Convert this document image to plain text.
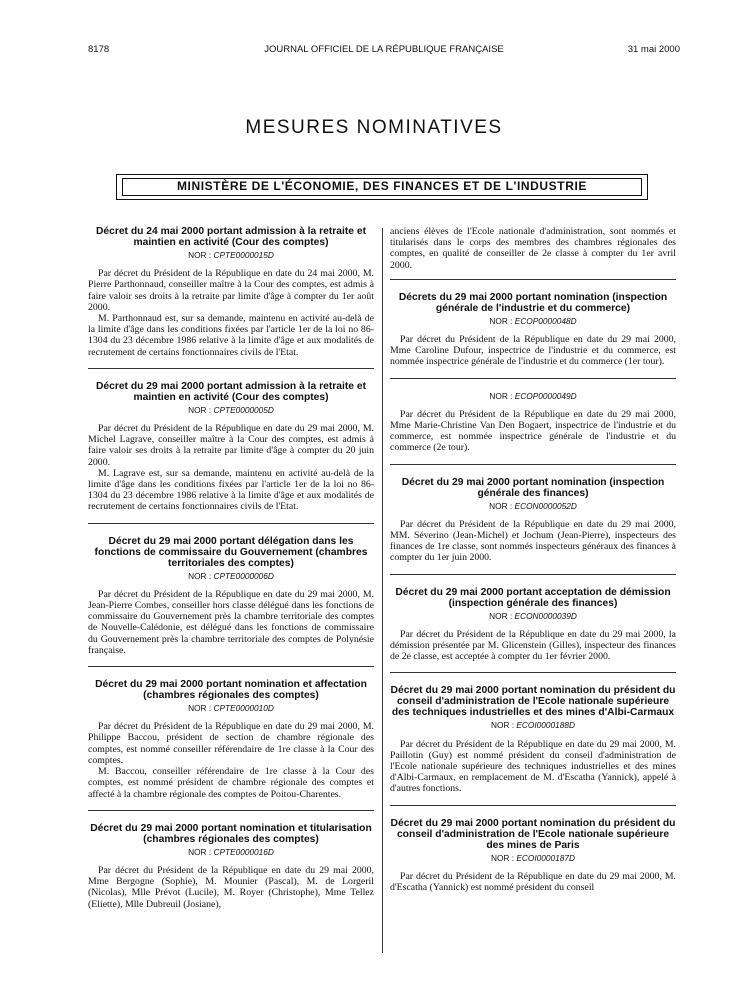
8178	JOURNAL OFFICIEL DE LA RÉPUBLIQUE FRANÇAISE	31 mai 2000
MESURES NOMINATIVES
MINISTÈRE DE L'ÉCONOMIE, DES FINANCES ET DE L'INDUSTRIE

Décret du 24 mai 2000 portant admission à la retraite et maintien en activité (Cour des comptes)

NOR : CPTE0000015D

Par décret du Président de la République en date du 24 mai 2000, M. Pierre Parthonnaud, conseiller maître à la Cour des comptes, est admis à faire valoir ses droits à la retraite par limite d'âge à compter du 1er août 2000.

M. Parthonnaud est, sur sa demande, maintenu en activité au-delà de la limite d'âge dans les conditions fixées par l'article 1er de la loi no 86-1304 du 23 décembre 1986 relative à la limite d'âge et aux modalités de recrutement de certains fonctionnaires civils de l'Etat.

Décret du 29 mai 2000 portant admission à la retraite et maintien en activité (Cour des comptes)

NOR : CPTE0000005D

Par décret du Président de la République en date du 29 mai 2000, M. Michel Lagrave, conseiller maître à la Cour des comptes, est admis à faire valoir ses droits à la retraite par limite d'âge à compter du 20 juin 2000.

M. Lagrave est, sur sa demande, maintenu en activité au-delà de la limite d'âge dans les conditions fixées par l'article 1er de la loi no 86-1304 du 23 décembre 1986 relative à la limite d'âge et aux modalités de recrutement de certains fonctionnaires civils de l'Etat.

Décret du 29 mai 2000 portant délégation dans les fonctions de commissaire du Gouvernement (chambres territoriales des comptes)

NOR : CPTE0000006D

Par décret du Président de la République en date du 29 mai 2000, M. Jean-Pierre Combes, conseiller hors classe délégué dans les fonctions de commissaire du Gouvernement près la chambre territoriale des comptes de Nouvelle-Calédonie, est délégué dans les fonctions de commissaire du Gouvernement près la chambre territoriale des comptes de Polynésie française.

Décret du 29 mai 2000 portant nomination et affectation (chambres régionales des comptes)

NOR : CPTE0000010D

Par décret du Président de la République en date du 29 mai 2000, M. Philippe Baccou, président de section de chambre régionale des comptes, est nommé conseiller référendaire de 1re classe à la Cour des comptes.

M. Baccou, conseiller référendaire de 1re classe à la Cour des comptes, est nommé président de chambre régionale des comptes et affecté à la chambre régionale des comptes de Poitou-Charentes.

Décret du 29 mai 2000 portant nomination et titularisation (chambres régionales des comptes)

NOR : CPTE0000016D

Par décret du Président de la République en date du 29 mai 2000, Mme Bergogne (Sophie), M. Mounier (Pascal), M. de Lorgeril (Nicolas), Mlle Prévot (Lucile), M. Royer (Christophe), Mme Tellez (Eliette), Mlle Dubreuil (Josiane),

anciens élèves de l'Ecole nationale d'administration, sont nommés et titularisés dans le corps des membres des chambres régionales des comptes, en qualité de conseiller de 2e classe à compter du 1er avril 2000.

Décrets du 29 mai 2000 portant nomination (inspection générale de l'industrie et du commerce)

NOR : ECOP0000048D

Par décret du Président de la République en date du 29 mai 2000, Mme Caroline Dufour, inspectrice de l'industrie et du commerce, est nommée inspectrice générale de l'industrie et du commerce (1er tour).

NOR : ECOP0000049D

Par décret du Président de la République en date du 29 mai 2000, Mme Marie-Christine Van Den Bogaert, inspectrice de l'industrie et du commerce, est nommée inspectrice générale de l'industrie et du commerce (2e tour).

Décret du 29 mai 2000 portant nomination (inspection générale des finances)

NOR : ECON0000052D

Par décret du Président de la République en date du 29 mai 2000, MM. Séverino (Jean-Michel) et Jochum (Jean-Pierre), inspecteurs des finances de 1re classe, sont nommés inspecteurs généraux des finances à compter du 1er juin 2000.

Décret du 29 mai 2000 portant acceptation de démission (inspection générale des finances)

NOR : ECON0000039D

Par décret du Président de la République en date du 29 mai 2000, la démission présentée par M. Glicenstein (Gilles), inspecteur des finances de 2e classe, est acceptée à compter du 1er février 2000.

Décret du 29 mai 2000 portant nomination du président du conseil d'administration de l'Ecole nationale supérieure des techniques industrielles et des mines d'Albi-Carmaux

NOR : ECOI0000188D

Par décret du Président de la République en date du 29 mai 2000, M. Paillotin (Guy) est nommé président du conseil d'administration de l'Ecole nationale supérieure des techniques industrielles et des mines d'Albi-Carmaux, en remplacement de M. d'Escatha (Yannick), appelé à d'autres fonctions.

Décret du 29 mai 2000 portant nomination du président du conseil d'administration de l'Ecole nationale supérieure des mines de Paris

NOR : ECOI0000187D

Par décret du Président de la République en date du 29 mai 2000, M. d'Escatha (Yannick) est nommé président du conseil
